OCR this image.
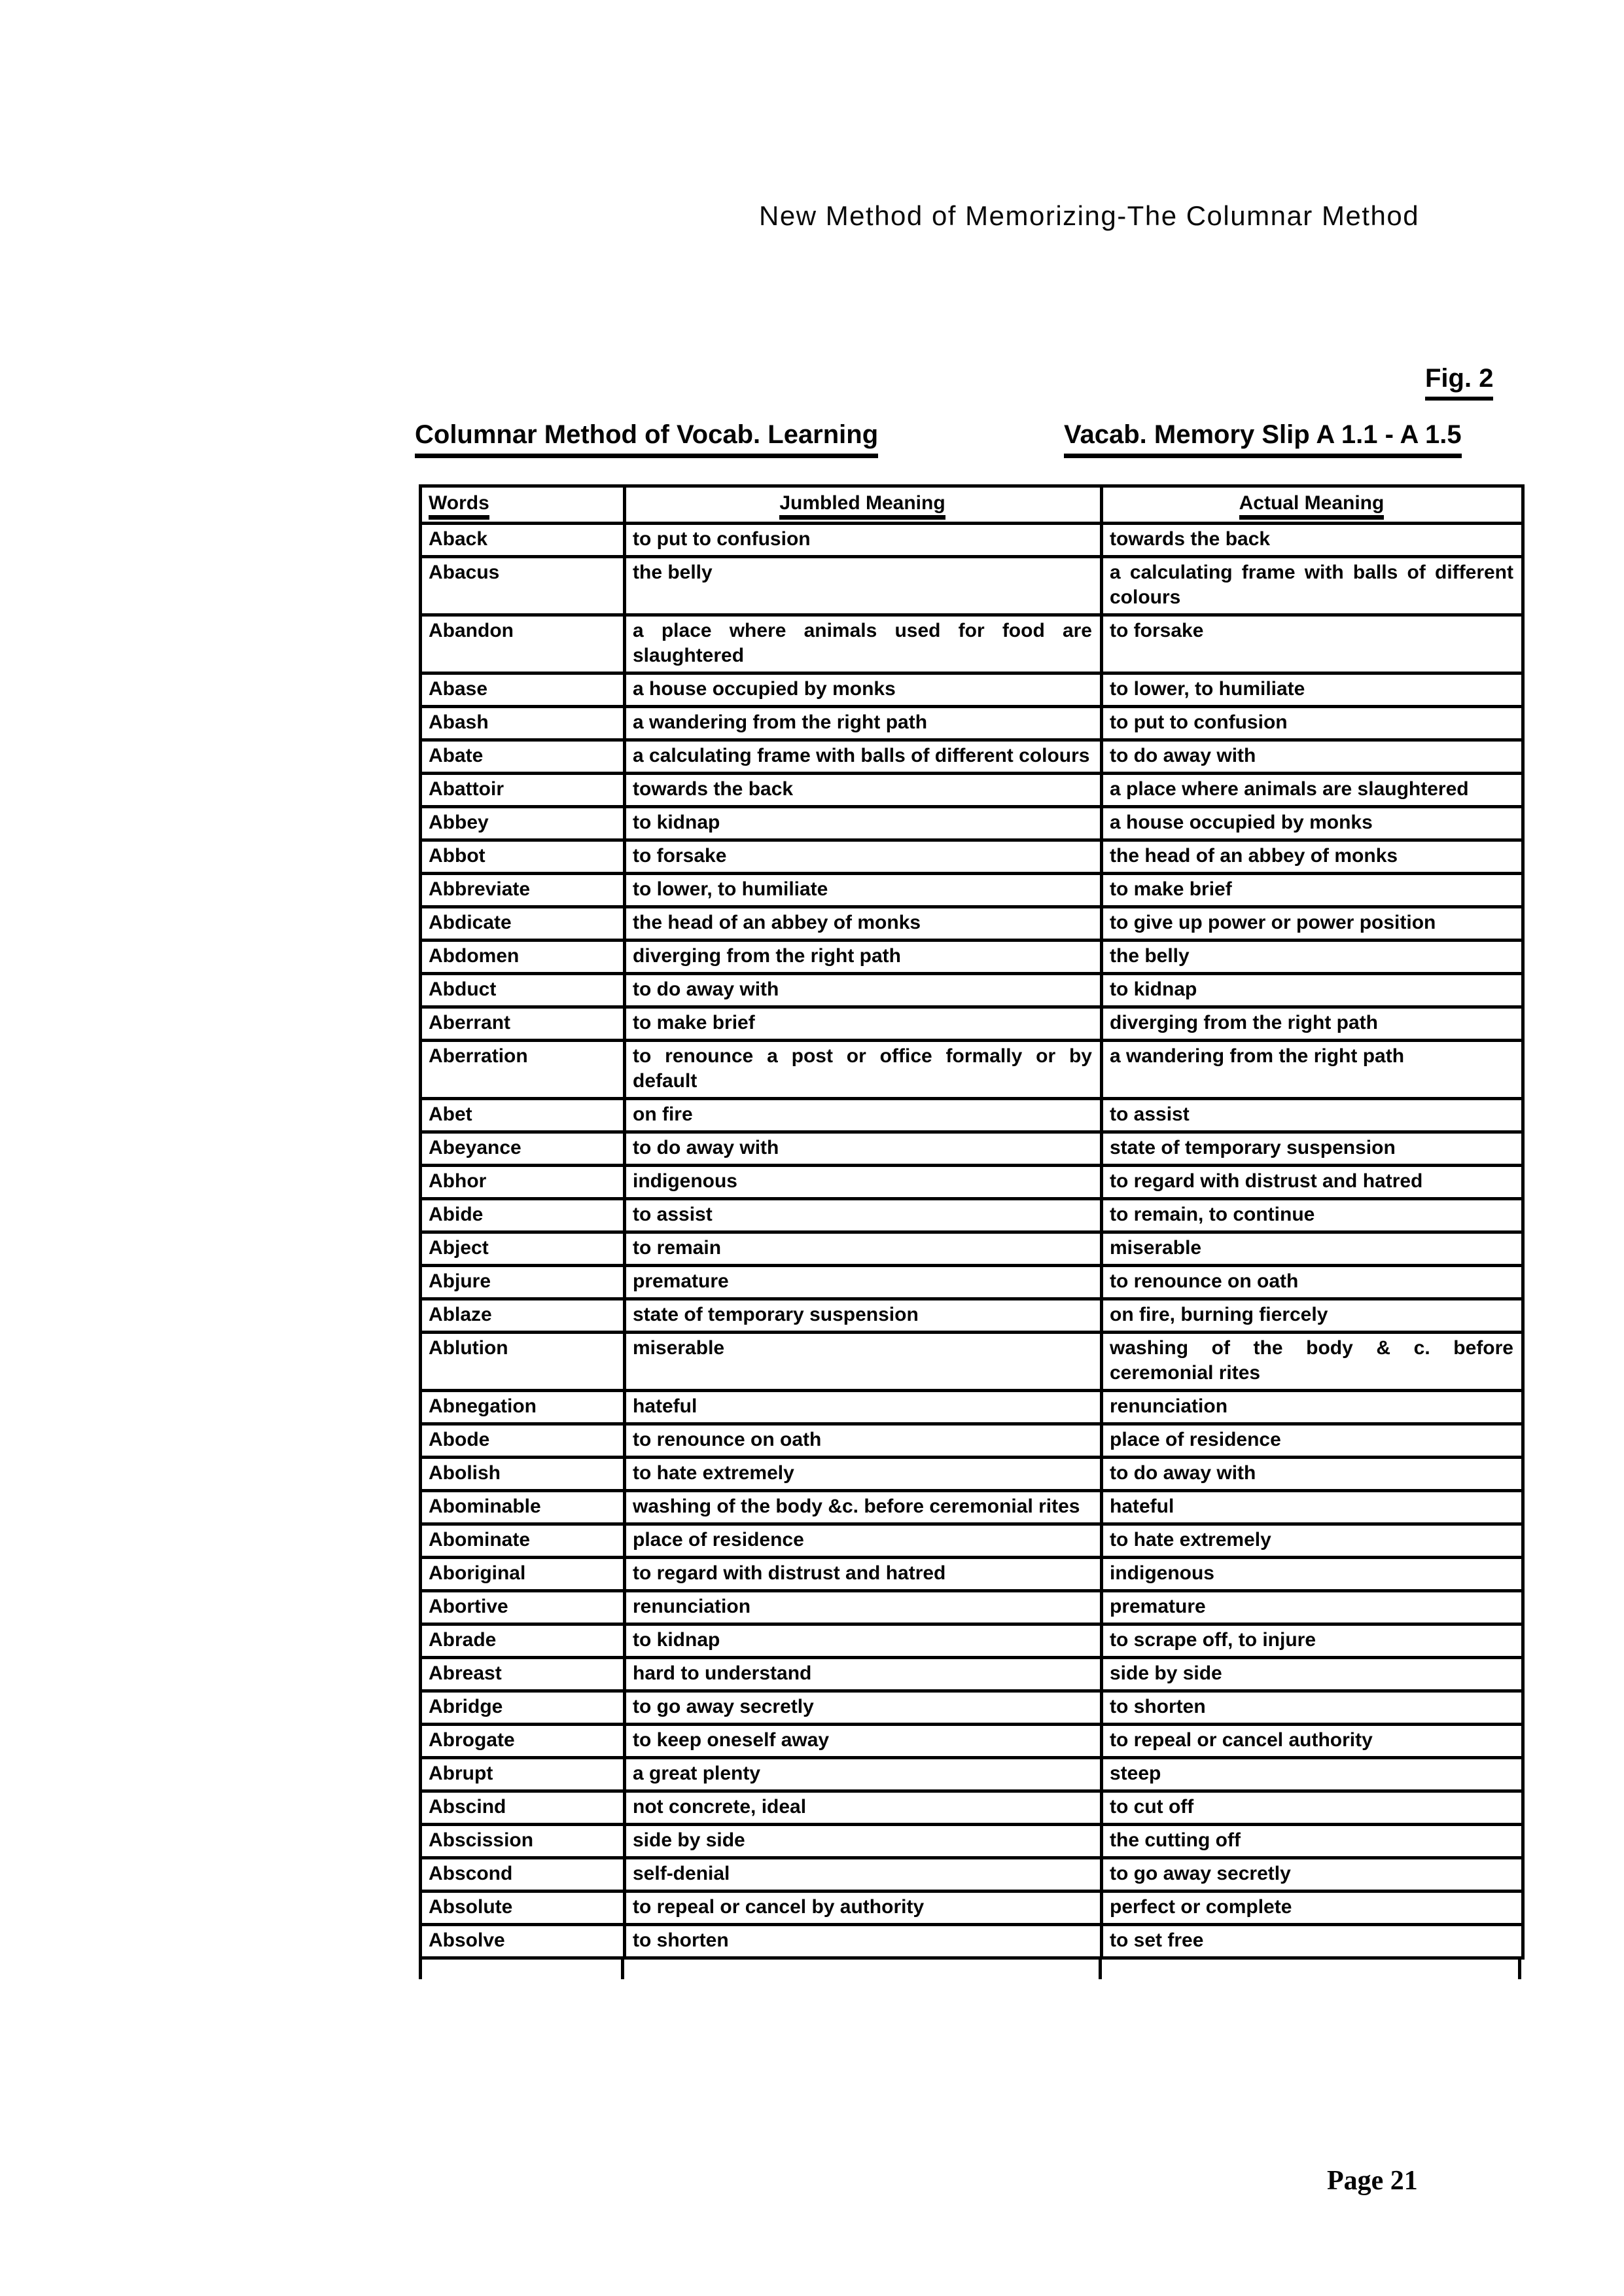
New Method of Memorizing-The Columnar Method
Fig. 2
Columnar Method of Vocab. Learning	Vacab. Memory Slip A 1.1 - A 1.5
Words	Jumbled Meaning	Actual Meaning
Aback	to put to confusion	towards the back
Abacus	the belly	a calculating frame with balls of different colours
Abandon	a place where animals used for food are slaughtered	to forsake
Abase	a house occupied by monks	to lower, to humiliate
Abash	a wandering from the right path	to put to confusion
Abate	a calculating frame with balls of different colours	to do away with
Abattoir	towards the back	a place where animals are slaughtered
Abbey	to kidnap	a house occupied by monks
Abbot	to forsake	the head of an abbey of monks
Abbreviate	to lower, to humiliate	to make brief
Abdicate	the head of an abbey of monks	to give up power or power position
Abdomen	diverging from the right path	the belly
Abduct	to do away with	to kidnap
Aberrant	to make brief	diverging from the right path
Aberration	to renounce a post or office formally or by default	a wandering from the right path
Abet	on fire	to assist
Abeyance	to do away with	state of temporary suspension
Abhor	indigenous	to regard with distrust and hatred
Abide	to assist	to remain, to continue
Abject	to remain	miserable
Abjure	premature	to renounce on oath
Ablaze	state of temporary suspension	on fire, burning fiercely
Ablution	miserable	washing of the body & c. before ceremonial rites
Abnegation	hateful	renunciation
Abode	to renounce on oath	place of residence
Abolish	to hate extremely	to do away with
Abominable	washing of the body &c. before ceremonial rites	hateful
Abominate	place of residence	to hate extremely
Aboriginal	to regard with distrust and hatred	indigenous
Abortive	renunciation	premature
Abrade	to kidnap	to scrape off, to injure
Abreast	hard to understand	side by side
Abridge	to go away secretly	to shorten
Abrogate	to keep oneself away	to repeal or cancel authority
Abrupt	a great plenty	steep
Abscind	not concrete, ideal	to cut off
Abscission	side by side	the cutting off
Abscond	self-denial	to go away secretly
Absolute	to repeal or cancel by authority	perfect or complete
Absolve	to shorten	to set free
Page 21
